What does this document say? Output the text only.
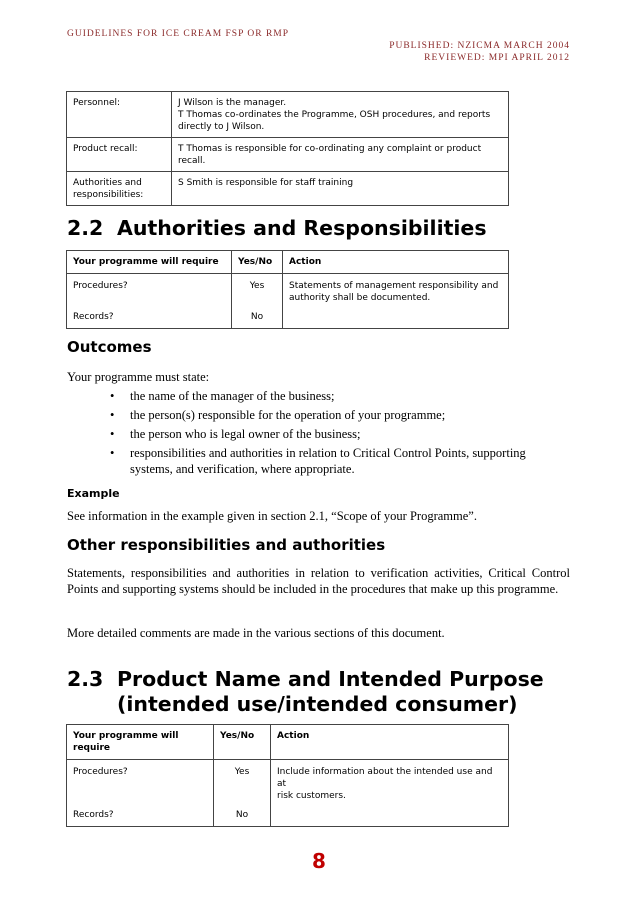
GUIDELINES FOR ICE CREAM FSP OR RMP
PUBLISHED: NZICMA MARCH 2004
REVIEWED: MPI APRIL 2012
Personnel:	J Wilson is the manager.
T Thomas co-ordinates the Programme, OSH procedures, and reports
directly to J Wilson.

Product recall:	T Thomas is responsible for co-ordinating any complaint or product recall.

Authorities and
responsibilities:	S Smith is responsible for staff training
2.2 Authorities and Responsibilities
Your programme will require	Yes/No	Action
Procedures?	Yes	Statements of management responsibility and
authority shall be documented.

Records?	No	
Outcomes
Your programme must state:
• the name of the manager of the business;
• the person(s) responsible for the operation of your programme;
• the person who is legal owner of the business;
• responsibilities and authorities in relation to Critical Control Points, supporting systems, and verification, where appropriate.
Example
See information in the example given in section 2.1, “Scope of your Programme”.
Other responsibilities and authorities
Statements, responsibilities and authorities in relation to verification activities, Critical Control Points and supporting systems should be included in the procedures that make up this programme.
More detailed comments are made in the various sections of this document.
2.3 Product Name and Intended Purpose
(intended use/intended consumer)
Your programme will require	Yes/No	Action
Procedures?	Yes	Include information about the intended use and at
risk customers.

Records?	No	
8
